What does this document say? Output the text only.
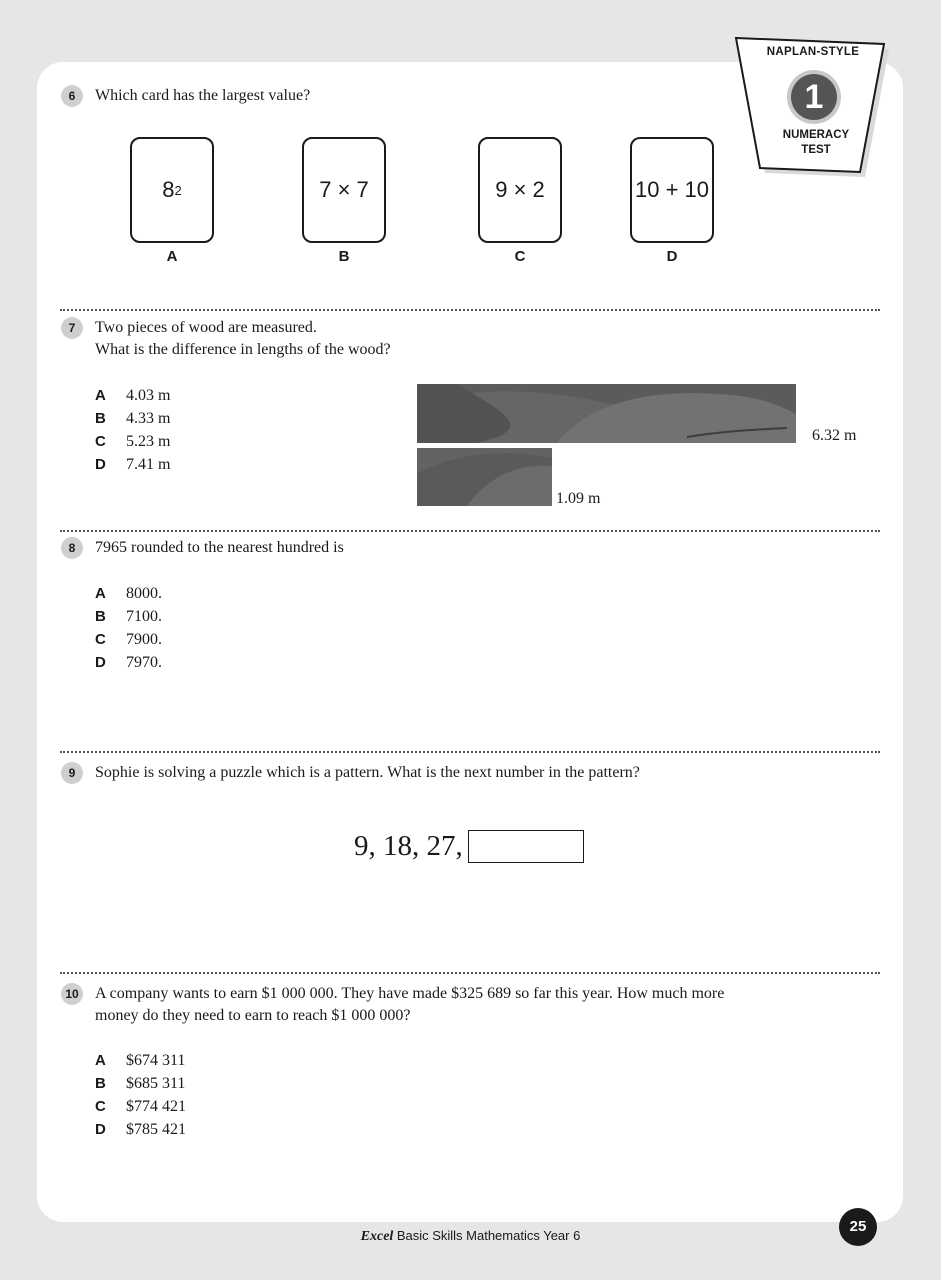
NAPLAN-STYLE
1
NUMERACY
TEST
6	Which card has the largest value?
8 2	7 × 7	9 × 2	10 + 10
A	B	C	D
7	Two pieces of wood are measured.
What is the difference in lengths of the wood?
A 4.03 m
B 4.33 m
C 5.23 m
D 7.41 m
6.32 m
1.09 m
8	7965 rounded to the nearest hundred is
A 8000.
B 7100.
C 7900.
D 7970.
9	Sophie is solving a puzzle which is a pattern. What is the next number in the pattern?
9, 18, 27,
10 A company wants to earn $1 000 000. They have made $325 689 so far this year. How much more
money do they need to earn to reach $1 000 000?
A $674 311
B $685 311
C $774 421
D $785 421
Excel Basic Skills Mathematics Year 6
25
